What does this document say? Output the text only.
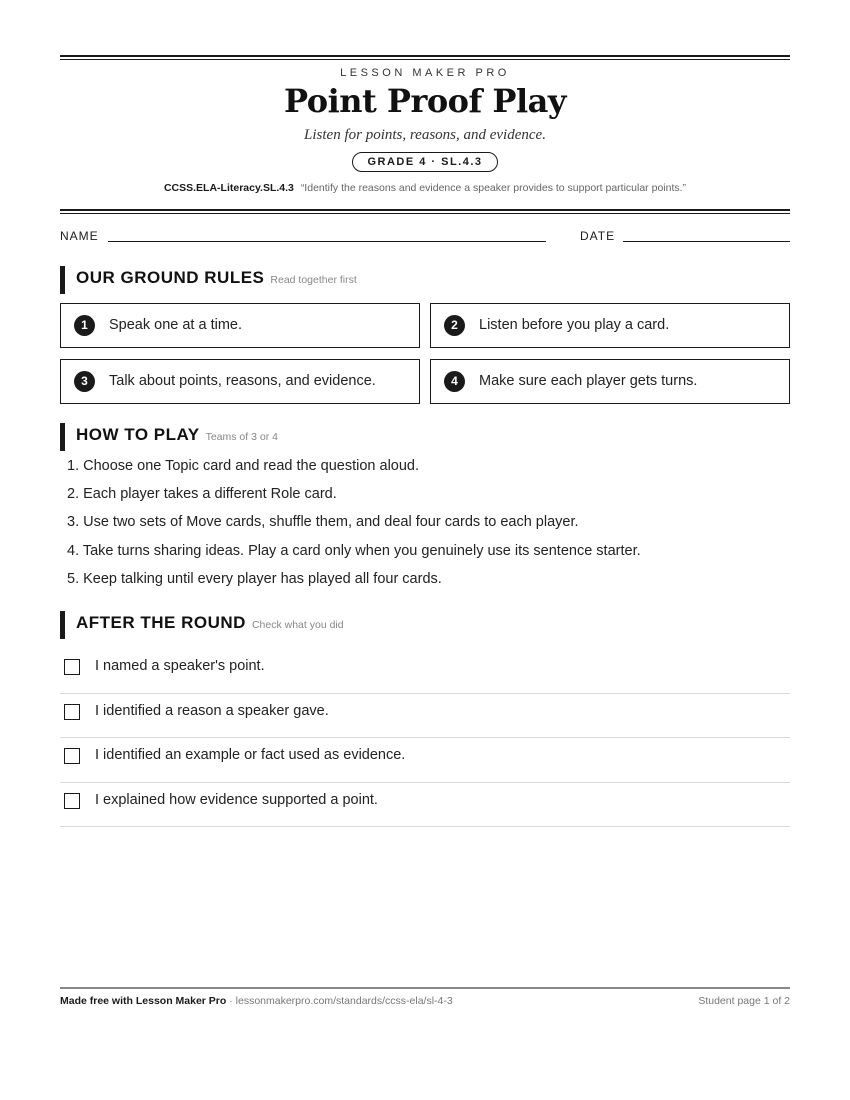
LESSON MAKER PRO
Point Proof Play
Listen for points, reasons, and evidence.
GRADE 4 · SL.4.3
CCSS.ELA-Literacy.SL.4.3 “Identify the reasons and evidence a speaker provides to support particular points.”
NAME	DATE
OUR GROUND RULES Read together first
1	Speak one at a time.	2	Listen before you play a card.
3	Talk about points, reasons, and evidence.	4	Make sure each player gets turns.
HOW TO PLAY Teams of 3 or 4
1. Choose one Topic card and read the question aloud.
2. Each player takes a different Role card.
3. Use two sets of Move cards, shuffle them, and deal four cards to each player.
4. Take turns sharing ideas. Play a card only when you genuinely use its sentence starter.
5. Keep talking until every player has played all four cards.
AFTER THE ROUND Check what you did
I named a speaker's point.
I identified a reason a speaker gave.
I identified an example or fact used as evidence.
I explained how evidence supported a point.
Made free with Lesson Maker Pro · lessonmakerpro.com/standards/ccss-ela/sl-4-3	Student page 1 of 2
